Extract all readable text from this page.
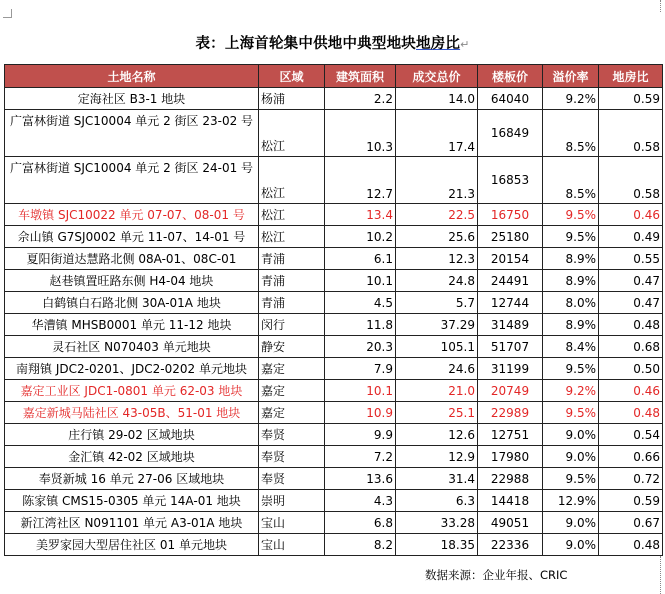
表：上海首轮集中供地中典型地块地房比↵
土地名称	区域	建筑面积	成交总价	楼板价	溢价率	地房比
定海社区 B3-1 地块	杨浦	2.2	14.0	64040	9.2%	0.59
广富林街道 SJC10004 单元 2 街区 23-02 号	松江	10.3	17.4	16849	8.5%	0.58
广富林街道 SJC10004 单元 2 街区 24-01 号	松江	12.7	21.3	16853	8.5%	0.58
车墩镇 SJC10022 单元 07-07、08-01 号	松江	13.4	22.5	16750	9.5%	0.46
佘山镇 G7SJ0002 单元 11-07、14-01 号	松江	10.2	25.6	25180	9.5%	0.49
夏阳街道达慧路北侧 08A-01、08C-01	青浦	6.1	12.3	20154	8.9%	0.55
赵巷镇置旺路东侧 H4-04 地块	青浦	10.1	24.8	24491	8.9%	0.47
白鹤镇白石路北侧 30A-01A 地块	青浦	4.5	5.7	12744	8.0%	0.47
华漕镇 MHSB0001 单元 11-12 地块	闵行	11.8	37.29	31489	8.9%	0.48
灵石社区 N070403 单元地块	静安	20.3	105.1	51707	8.4%	0.68
南翔镇 JDC2-0201、JDC2-0202 单元地块	嘉定	7.9	24.6	31199	9.5%	0.50
嘉定工业区 JDC1-0801 单元 62-03 地块	嘉定	10.1	21.0	20749	9.2%	0.46
嘉定新城马陆社区 43-05B、51-01 地块	嘉定	10.9	25.1	22989	9.5%	0.48
庄行镇 29-02 区域地块	奉贤	9.9	12.6	12751	9.0%	0.54
金汇镇 42-02 区域地块	奉贤	7.2	12.9	17980	9.0%	0.66
奉贤新城 16 单元 27-06 区域地块	奉贤	13.6	31.4	22988	9.5%	0.72
陈家镇 CMS15-0305 单元 14A-01 地块	崇明	4.3	6.3	14418	12.9%	0.59
新江湾社区 N091101 单元 A3-01A 地块	宝山	6.8	33.28	49051	9.0%	0.67
美罗家园大型居住社区 01 单元地块	宝山	8.2	18.35	22336	9.0%	0.48
数据来源：企业年报、CRIC
